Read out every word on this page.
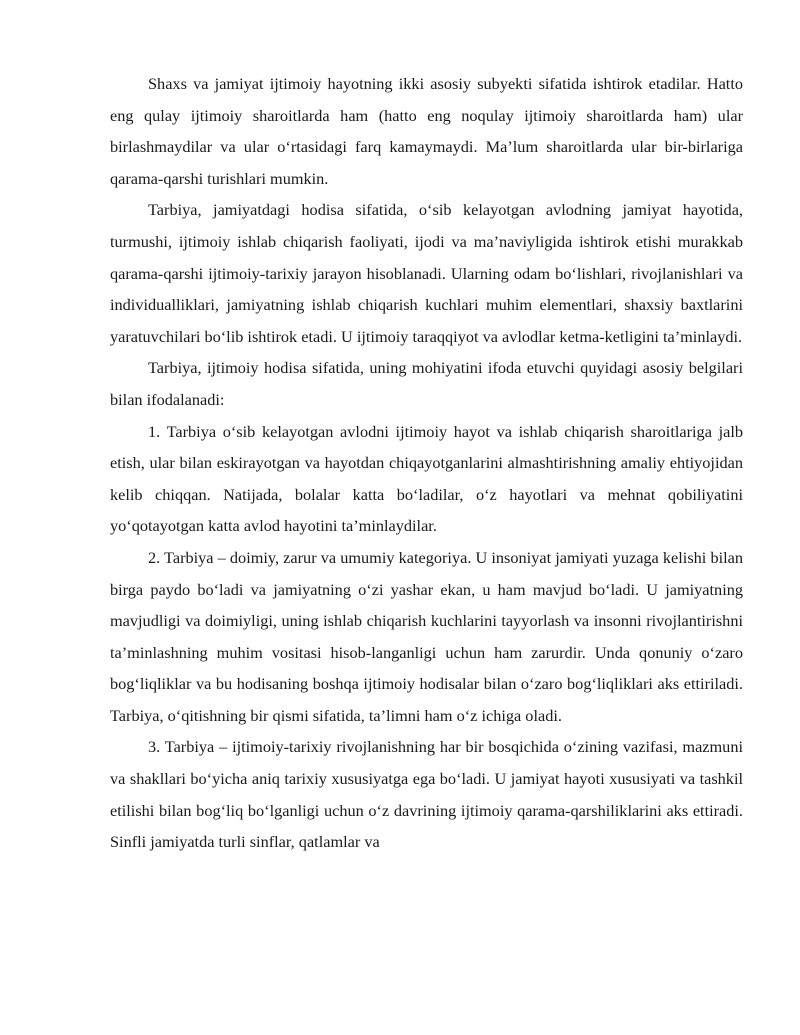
Shaxs va jamiyat ijtimoiy hayotning ikki asosiy subyekti sifatida ishtirok etadilar. Hatto eng qulay ijtimoiy sharoitlarda ham (hatto eng noqulay ijtimoiy sharoitlarda ham) ular birlashmaydilar va ular o‘rtasidagi farq kamaymaydi. Ma’lum sharoitlarda ular bir-birlariga qarama-qarshi turishlari mumkin.

Tarbiya, jamiyatdagi hodisa sifatida, o‘sib kelayotgan avlodning jamiyat hayotida, turmushi, ijtimoiy ishlab chiqarish faoliyati, ijodi va ma’naviyligida ishtirok etishi murakkab qarama-qarshi ijtimoiy-tarixiy jarayon hisoblanadi. Ularning odam bo‘lishlari, rivojlanishlari va individualliklari, jamiyatning ishlab chiqarish kuchlari muhim elementlari, shaxsiy baxtlarini yaratuvchilari bo‘lib ishtirok etadi. U ijtimoiy taraqqiyot va avlodlar ketma-ketligini ta’minlaydi.

Tarbiya, ijtimoiy hodisa sifatida, uning mohiyatini ifoda etuvchi quyidagi asosiy belgilari bilan ifodalanadi:

1. Tarbiya o‘sib kelayotgan avlodni ijtimoiy hayot va ishlab chiqarish sharoitlariga jalb etish, ular bilan eskirayotgan va hayotdan chiqayotganlarini almashtirishning amaliy ehtiyojidan kelib chiqqan. Natijada, bolalar katta bo‘ladilar, o‘z hayotlari va mehnat qobiliyatini yo‘qotayotgan katta avlod hayotini ta’minlaydilar.

2. Tarbiya – doimiy, zarur va umumiy kategoriya. U insoniyat jamiyati yuzaga kelishi bilan birga paydo bo‘ladi va jamiyatning o‘zi yashar ekan, u ham mavjud bo‘ladi. U jamiyatning mavjudligi va doimiyligi, uning ishlab chiqarish kuchlarini tayyorlash va insonni rivojlantirishni ta’minlashning muhim vositasi hisob-langanligi uchun ham zarurdir. Unda qonuniy o‘zaro bog‘liqliklar va bu hodisaning boshqa ijtimoiy hodisalar bilan o‘zaro bog‘liqliklari aks ettiriladi. Tarbiya, o‘qitishning bir qismi sifatida, ta’limni ham o‘z ichiga oladi.

3. Tarbiya – ijtimoiy-tarixiy rivojlanishning har bir bosqichida o‘zining vazifasi, mazmuni va shakllari bo‘yicha aniq tarixiy xususiyatga ega bo‘ladi. U jamiyat hayoti xususiyati va tashkil etilishi bilan bog‘liq bo‘lganligi uchun o‘z davrining ijtimoiy qarama-qarshiliklarini aks ettiradi. Sinfli jamiyatda turli sinflar, qatlamlar va
